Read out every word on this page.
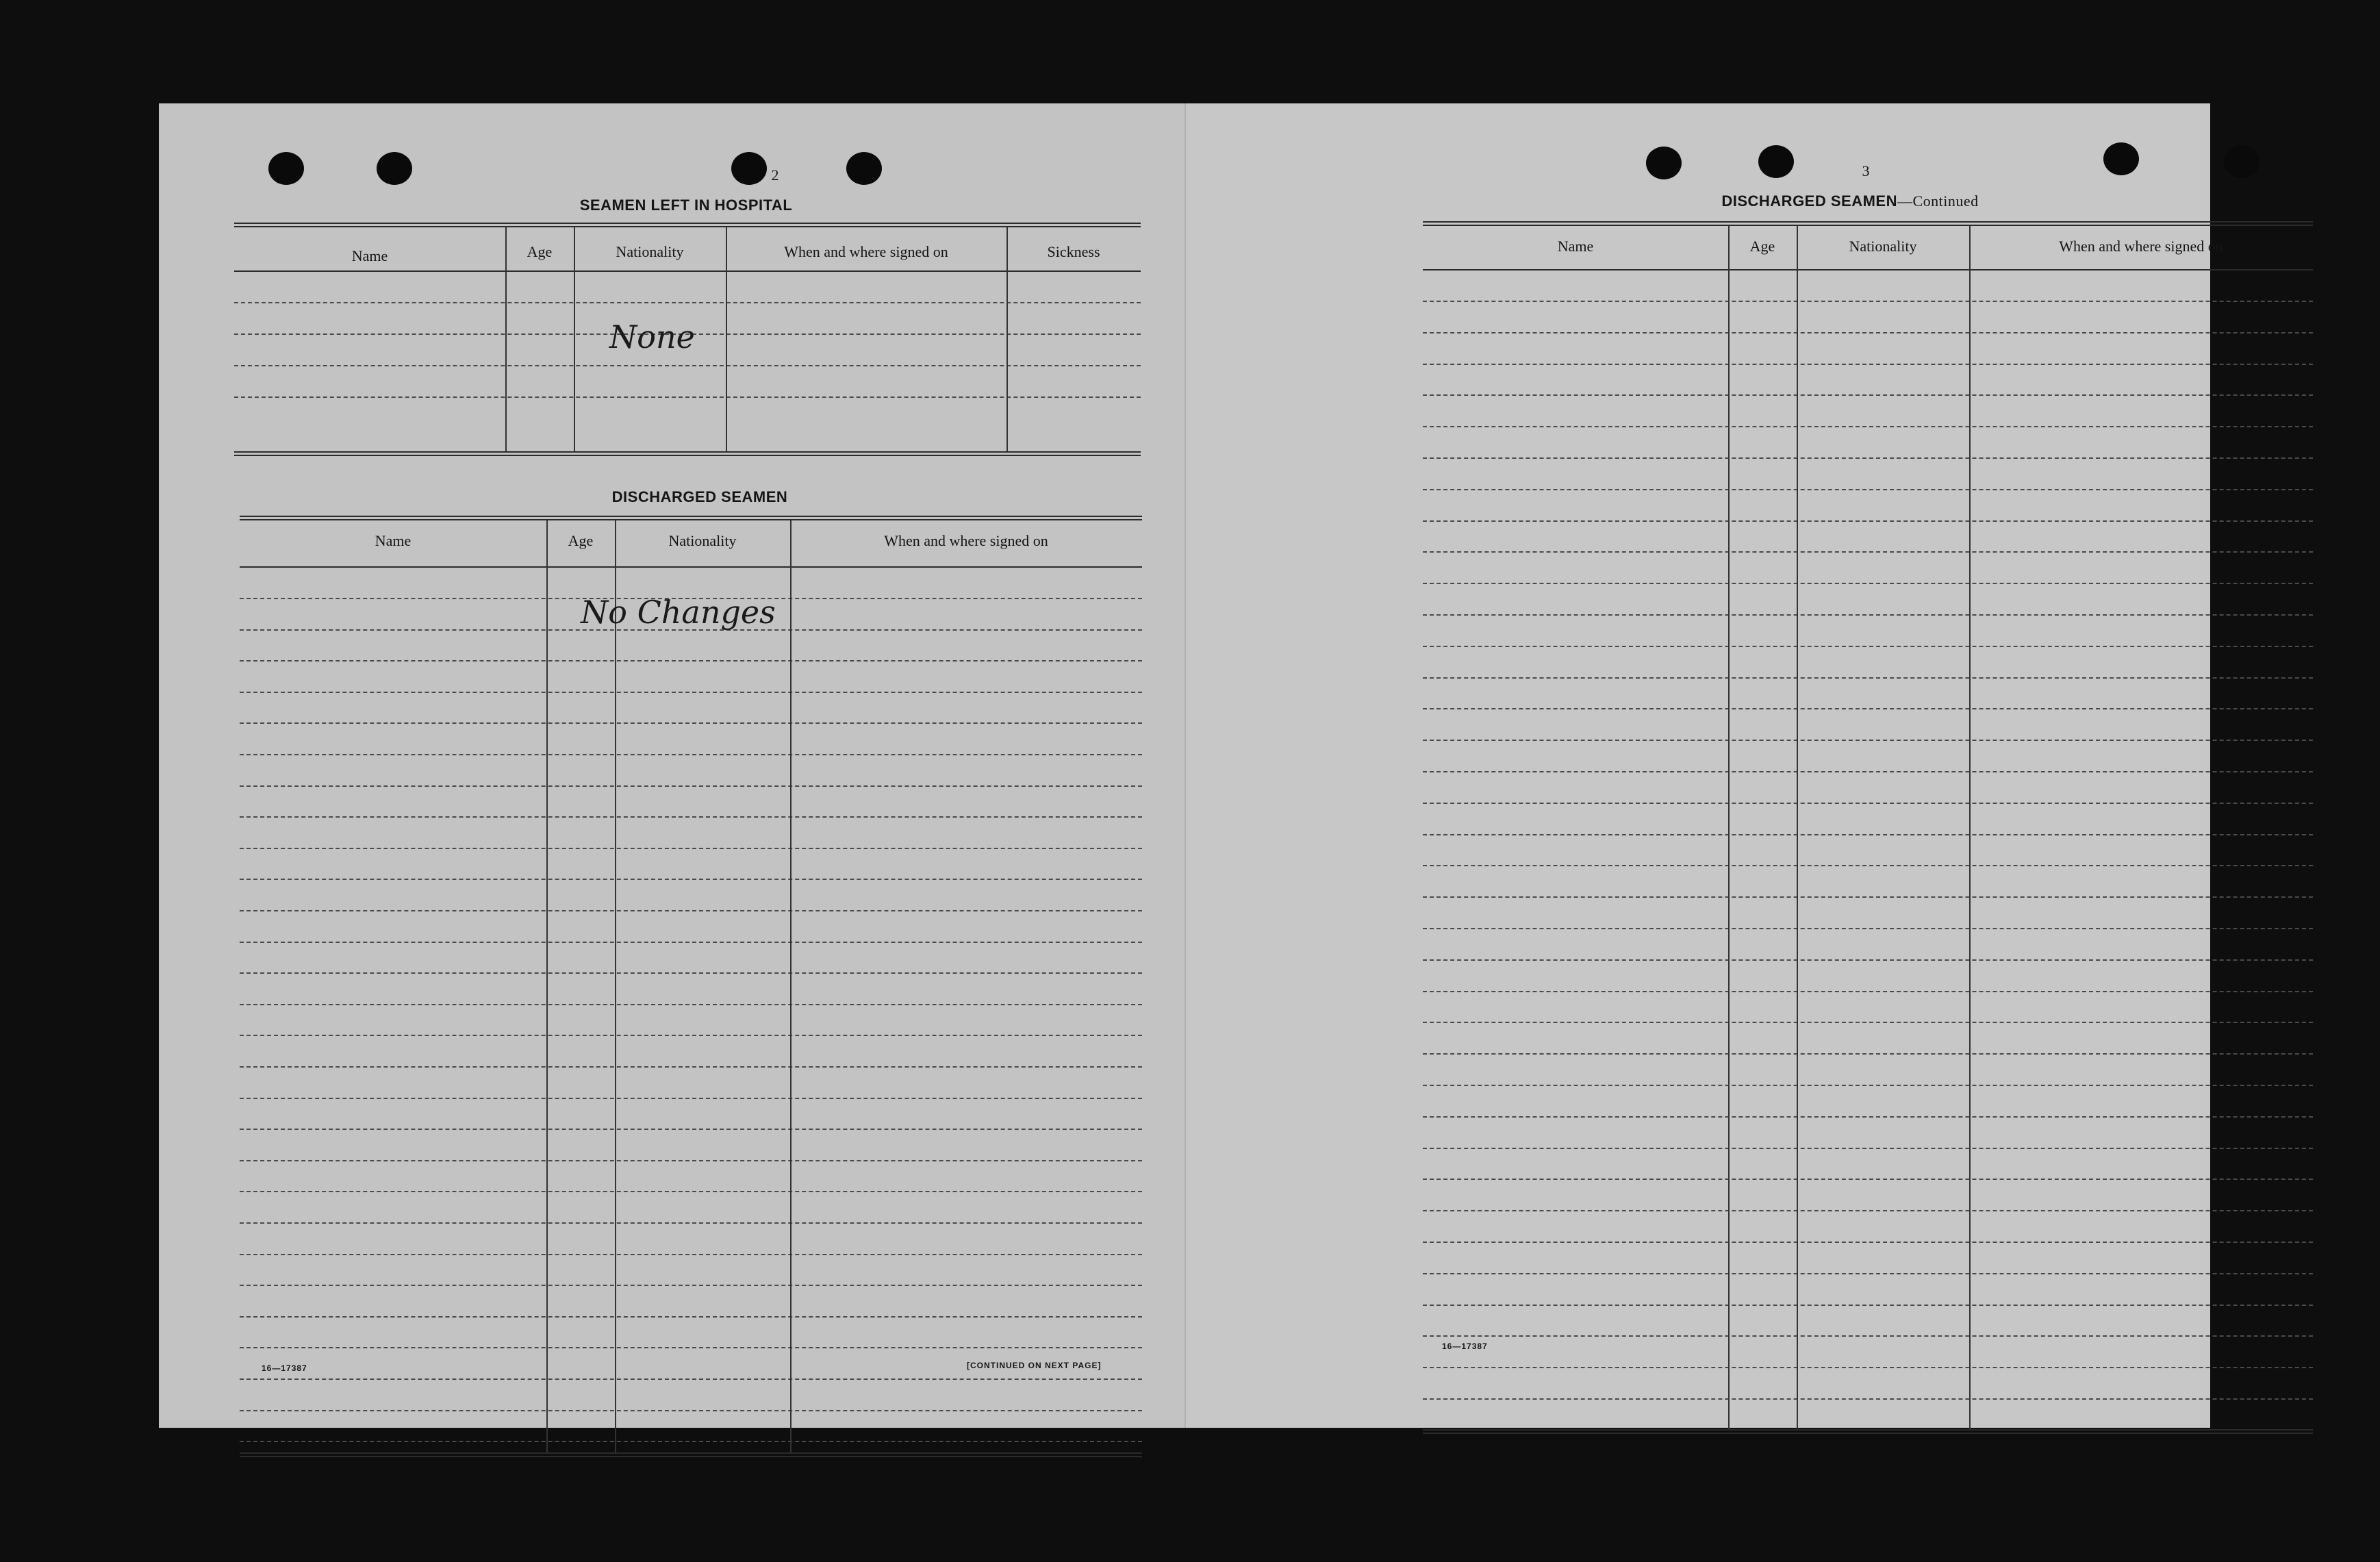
2
SEAMEN LEFT IN HOSPITAL
Name	Age	Nationality	When and where signed on	Sickness
None
DISCHARGED SEAMEN
Name	Age	Nationality	When and where signed on
No Changes
16—17387	[CONTINUED ON NEXT PAGE]
3
DISCHARGED SEAMEN—Continued
Name	Age	Nationality	When and where signed on
16—17387
